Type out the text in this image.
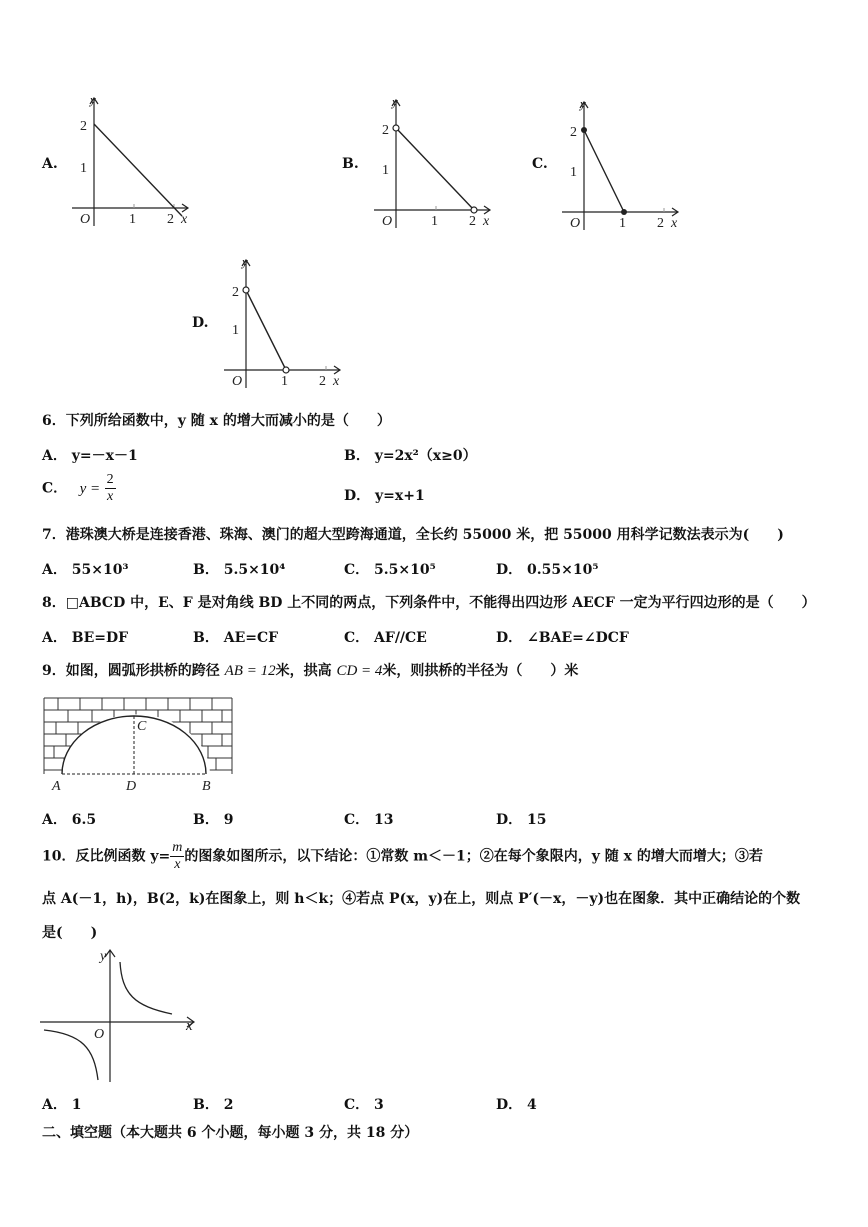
A.
y
x
O	1 2
1
2
B.
y
x
O	1 2
1
2
C.
y
x
O	1 2
1
2
D.
y
x
O	1 2
1
2
6．下列所给函数中，y 随 x 的增大而减小的是（　　）
A． y=－x－1	B． y=2x²（x≥0）
C． $y = \frac{2}{x}$	D． y=x+1
7．港珠澳大桥是连接香港、珠海、澳门的超大型跨海通道，全长约 55000 米，把 55000 用科学记数法表示为(　　)
A． 55×10³	B． 5.5×10⁴	C． 5.5×10⁵	D． 0.55×10⁵
8．□ABCD 中，E、F 是对角线 BD 上不同的两点，下列条件中，不能得出四边形 AECF 一定为平行四边形的是（　　）
A． BE=DF	B． AE=CF	C． AF//CE	D． ∠BAE=∠DCF
9．如图，圆弧形拱桥的跨径 AB = 12米，拱高 CD = 4米，则拱桥的半径为（　　）米
C
A	D	B
A． 6.5	B． 9	C． 13	D． 15
10．反比例函数 $y= \frac{m}{x}$ 的图象如图所示，以下结论：①常数 m＜－1；②在每个象限内，y 随 x 的增大而增大；③若
点 A(－1，h)，B(2，k)在图象上，则 h＜k；④若点 P(x，y)在上，则点 P′(－x，－y)也在图象．其中正确结论的个数
是(　　)
y
x
O
A． 1	B． 2	C． 3	D． 4
二、填空题（本大题共 6 个小题，每小题 3 分，共 18 分）
